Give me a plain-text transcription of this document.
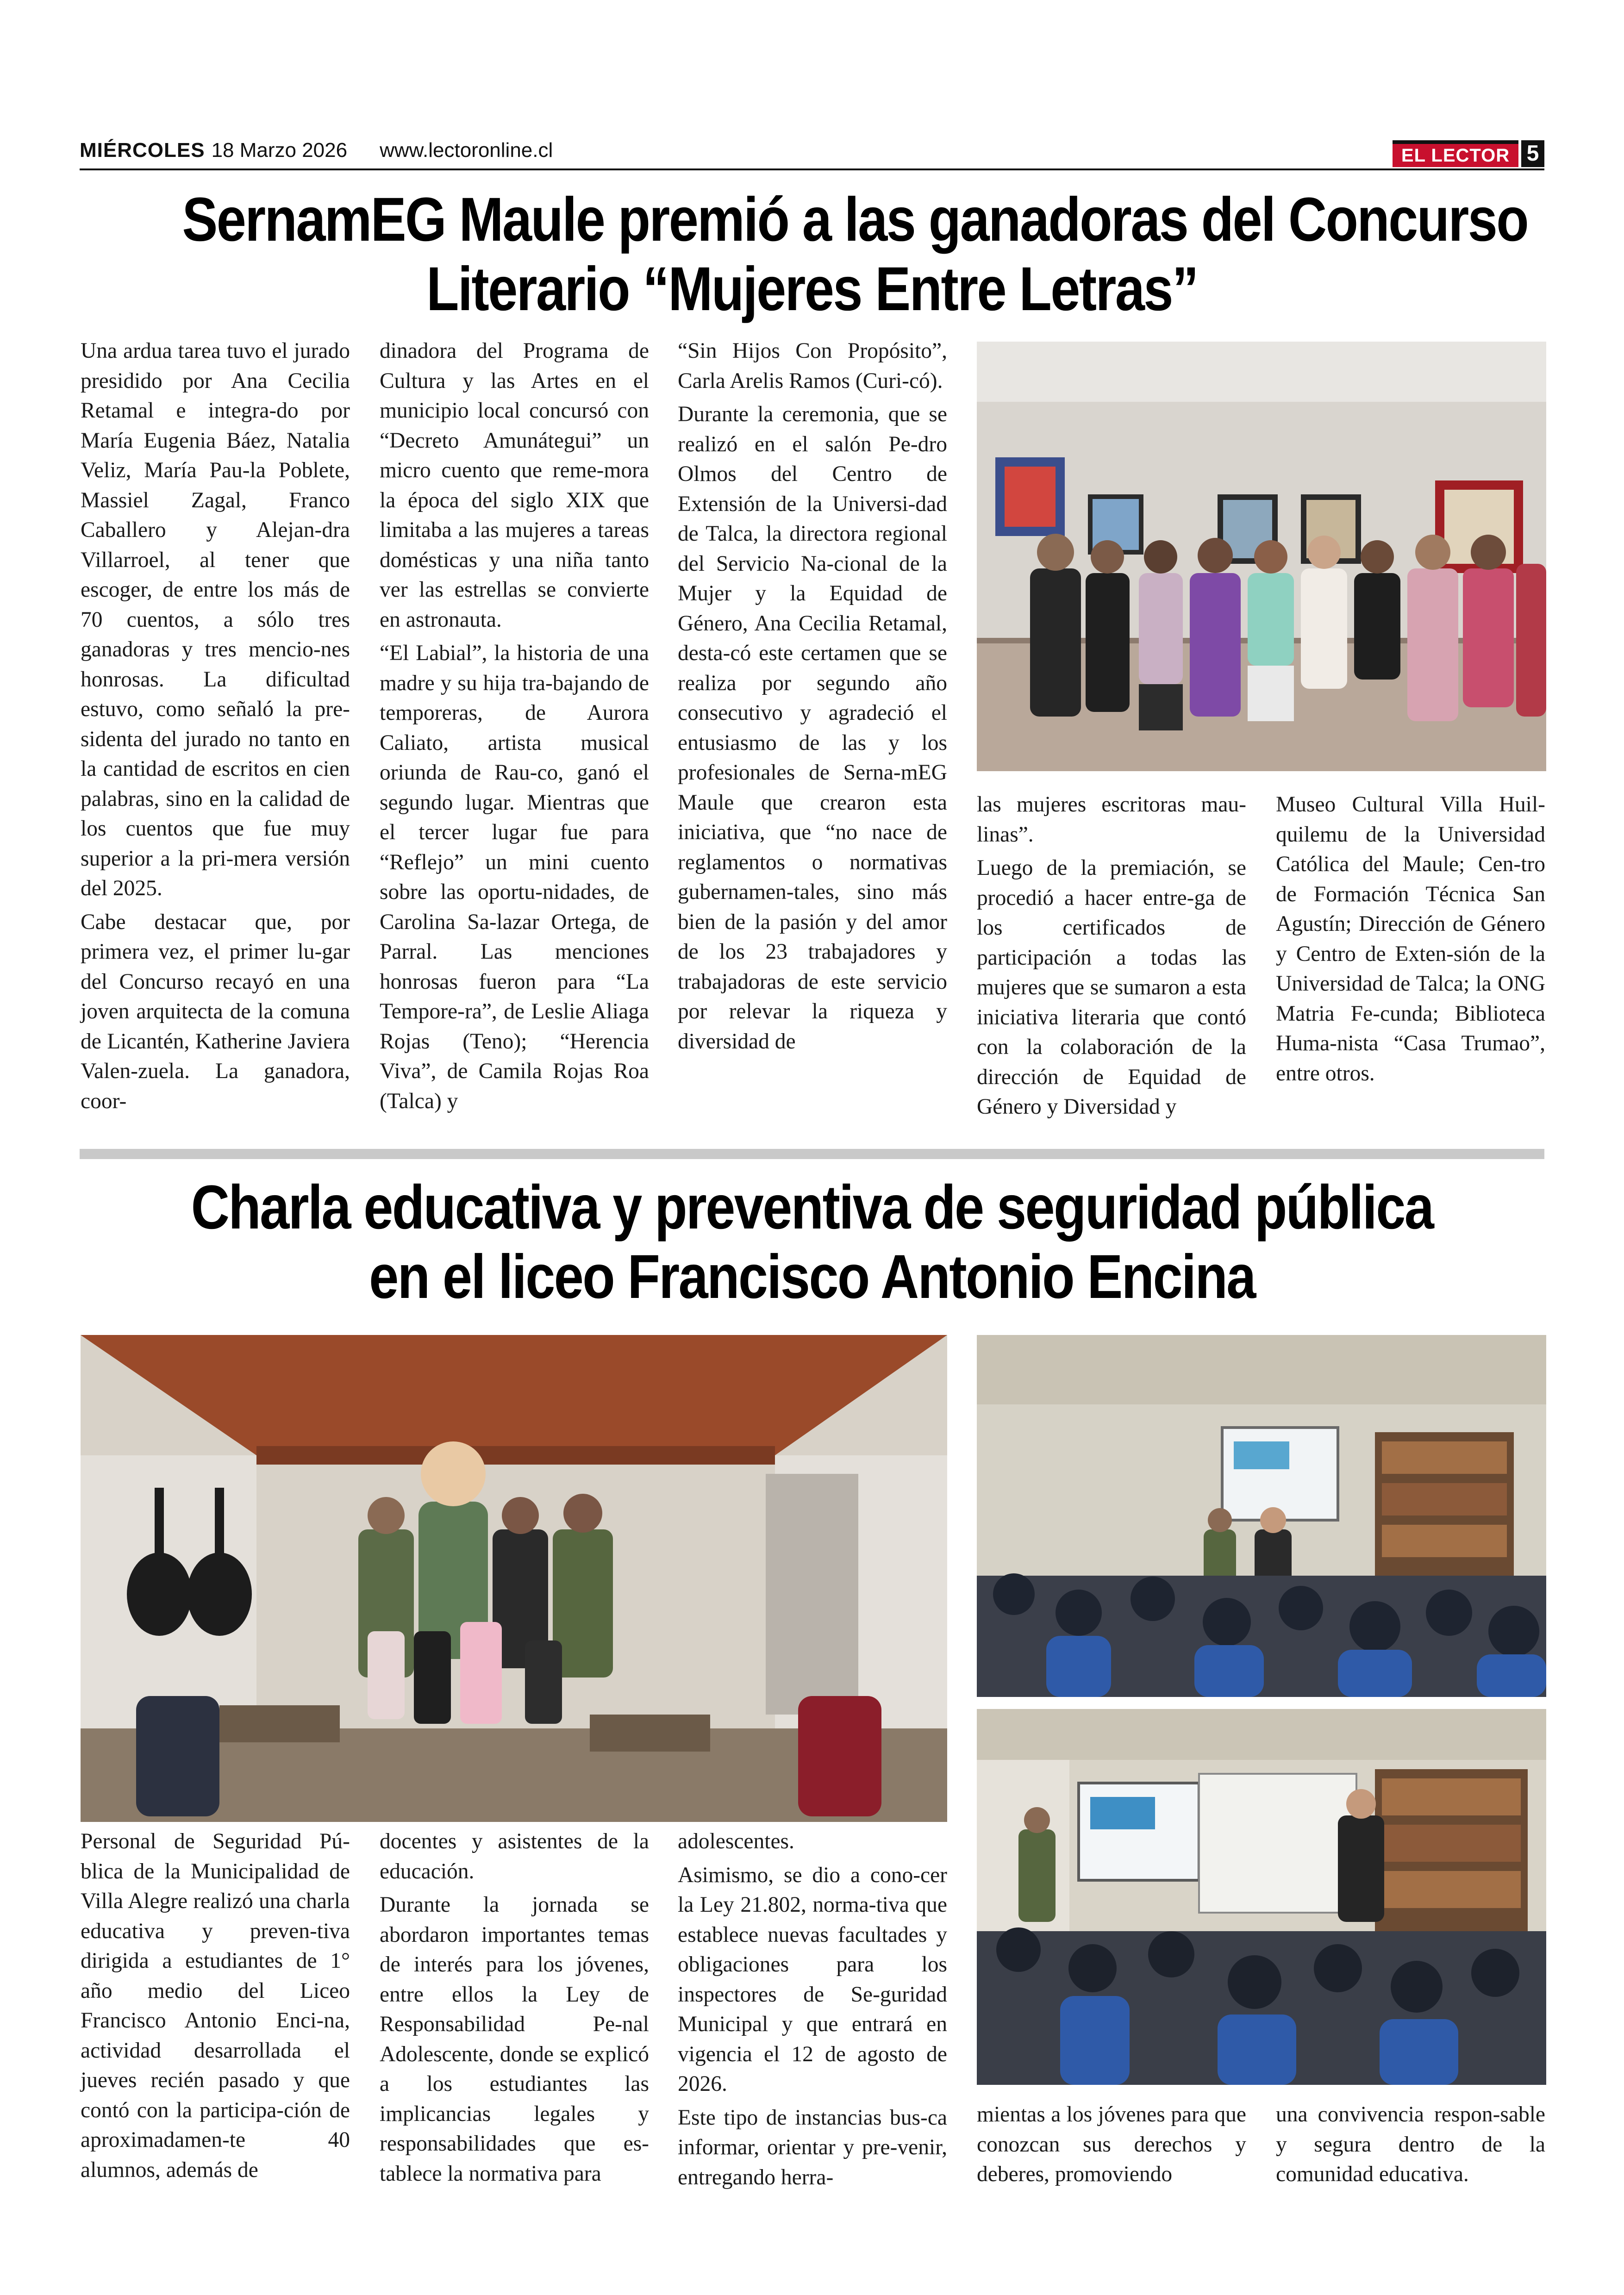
MIÉRCOLES 18 Marzo 2026 www.lectoronline.cl	EL LECTOR 5
SernamEG Maule premió a las ganadoras del Concurso
Literario “Mujeres Entre Letras”

Una ardua tarea tuvo el jurado presidido por Ana Cecilia Retamal e integra-do por María Eugenia Báez, Natalia Veliz, María Pau-la Poblete, Massiel Zagal, Franco Caballero y Alejan-dra Villarroel, al tener que escoger, de entre los más de 70 cuentos, a sólo tres ganadoras y tres mencio-nes honrosas. La dificultad estuvo, como señaló la pre-sidenta del jurado no tanto en la cantidad de escritos en cien palabras, sino en la calidad de los cuentos que fue muy superior a la pri-mera versión del 2025.

Cabe destacar que, por primera vez, el primer lu-gar del Concurso recayó en una joven arquitecta de la comuna de Licantén, Katherine Javiera Valen-zuela. La ganadora, coor-

dinadora del Programa de Cultura y las Artes en el municipio local concursó con “Decreto Amunátegui” un micro cuento que reme-mora la época del siglo XIX que limitaba a las mujeres a tareas domésticas y una niña tanto ver las estrellas se convierte en astronauta.

“El Labial”, la historia de una madre y su hija tra-bajando de temporeras, de Aurora Caliato, artista musical oriunda de Rau-co, ganó el segundo lugar. Mientras que el tercer lugar fue para “Reflejo” un mini cuento sobre las oportu-nidades, de Carolina Sa-lazar Ortega, de Parral. Las menciones honrosas fueron para “La Tempore-ra”, de Leslie Aliaga Rojas (Teno); “Herencia Viva”, de Camila Rojas Roa (Talca) y

“Sin Hijos Con Propósito”, Carla Arelis Ramos (Curi-có).

Durante la ceremonia, que se realizó en el salón Pe-dro Olmos del Centro de Extensión de la Universi-dad de Talca, la directora regional del Servicio Na-cional de la Mujer y la Equidad de Género, Ana Cecilia Retamal, desta-có este certamen que se realiza por segundo año consecutivo y agradeció el entusiasmo de las y los profesionales de Serna-mEG Maule que crearon esta iniciativa, que “no nace de reglamentos o normativas gubernamen-tales, sino más bien de la pasión y del amor de los 23 trabajadores y trabajadoras de este servicio por relevar la riqueza y diversidad de

las mujeres escritoras mau-linas”.

Luego de la premiación, se procedió a hacer entre-ga de los certificados de participación a todas las mujeres que se sumaron a esta iniciativa literaria que contó con la colaboración de la dirección de Equidad de Género y Diversidad y

Museo Cultural Villa Huil-quilemu de la Universidad Católica del Maule; Cen-tro de Formación Técnica San Agustín; Dirección de Género y Centro de Exten-sión de la Universidad de Talca; la ONG Matria Fe-cunda; Biblioteca Huma-nista “Casa Trumao”, entre otros.

Charla educativa y preventiva de seguridad pública
en el liceo Francisco Antonio Encina

Personal de Seguridad Pú-blica de la Municipalidad de Villa Alegre realizó una charla educativa y preven-tiva dirigida a estudiantes de 1° año medio del Liceo Francisco Antonio Enci-na, actividad desarrollada el jueves recién pasado y que contó con la participa-ción de aproximadamen-te 40 alumnos, además de

docentes y asistentes de la educación.

Durante la jornada se abordaron importantes temas de interés para los jóvenes, entre ellos la Ley de Responsabilidad Pe-nal Adolescente, donde se explicó a los estudiantes las implicancias legales y responsabilidades que es-tablece la normativa para

adolescentes.

Asimismo, se dio a cono-cer la Ley 21.802, norma-tiva que establece nuevas facultades y obligaciones para los inspectores de Se-guridad Municipal y que entrará en vigencia el 12 de agosto de 2026.

Este tipo de instancias bus-ca informar, orientar y pre-venir, entregando herra-

mientas a los jóvenes para que conozcan sus derechos y deberes, promoviendo

una convivencia respon-sable y segura dentro de la comunidad educativa.
